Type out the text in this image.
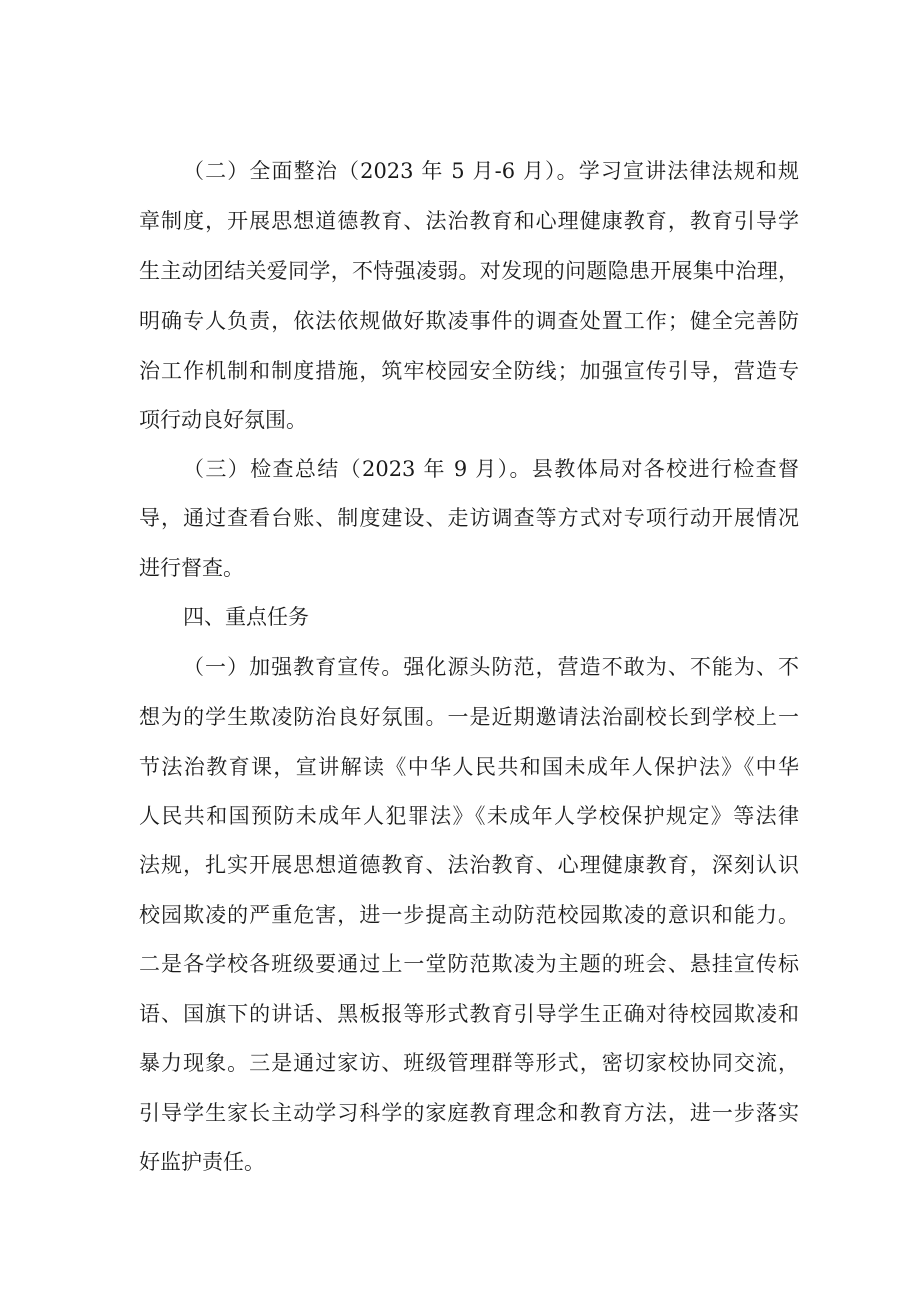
（二）全面整治（2023 年 5 月-6 月）。学习宣讲法律法规和规
章制度，开展思想道德教育、法治教育和心理健康教育，教育引导学
生主动团结关爱同学，不恃强凌弱。对发现的问题隐患开展集中治理，
明确专人负责，依法依规做好欺凌事件的调查处置工作；健全完善防
治工作机制和制度措施，筑牢校园安全防线；加强宣传引导，营造专
项行动良好氛围。
（三）检查总结（2023 年 9 月）。县教体局对各校进行检查督
导，通过查看台账、制度建设、走访调查等方式对专项行动开展情况
进行督查。
四、重点任务
（一）加强教育宣传。强化源头防范，营造不敢为、不能为、不
想为的学生欺凌防治良好氛围。一是近期邀请法治副校长到学校上一
节法治教育课，宣讲解读《中华人民共和国未成年人保护法》《中华
人民共和国预防未成年人犯罪法》《未成年人学校保护规定》等法律
法规，扎实开展思想道德教育、法治教育、心理健康教育，深刻认识
校园欺凌的严重危害，进一步提高主动防范校园欺凌的意识和能力。
二是各学校各班级要通过上一堂防范欺凌为主题的班会、悬挂宣传标
语、国旗下的讲话、黑板报等形式教育引导学生正确对待校园欺凌和
暴力现象。三是通过家访、班级管理群等形式，密切家校协同交流，
引导学生家长主动学习科学的家庭教育理念和教育方法，进一步落实
好监护责任。
